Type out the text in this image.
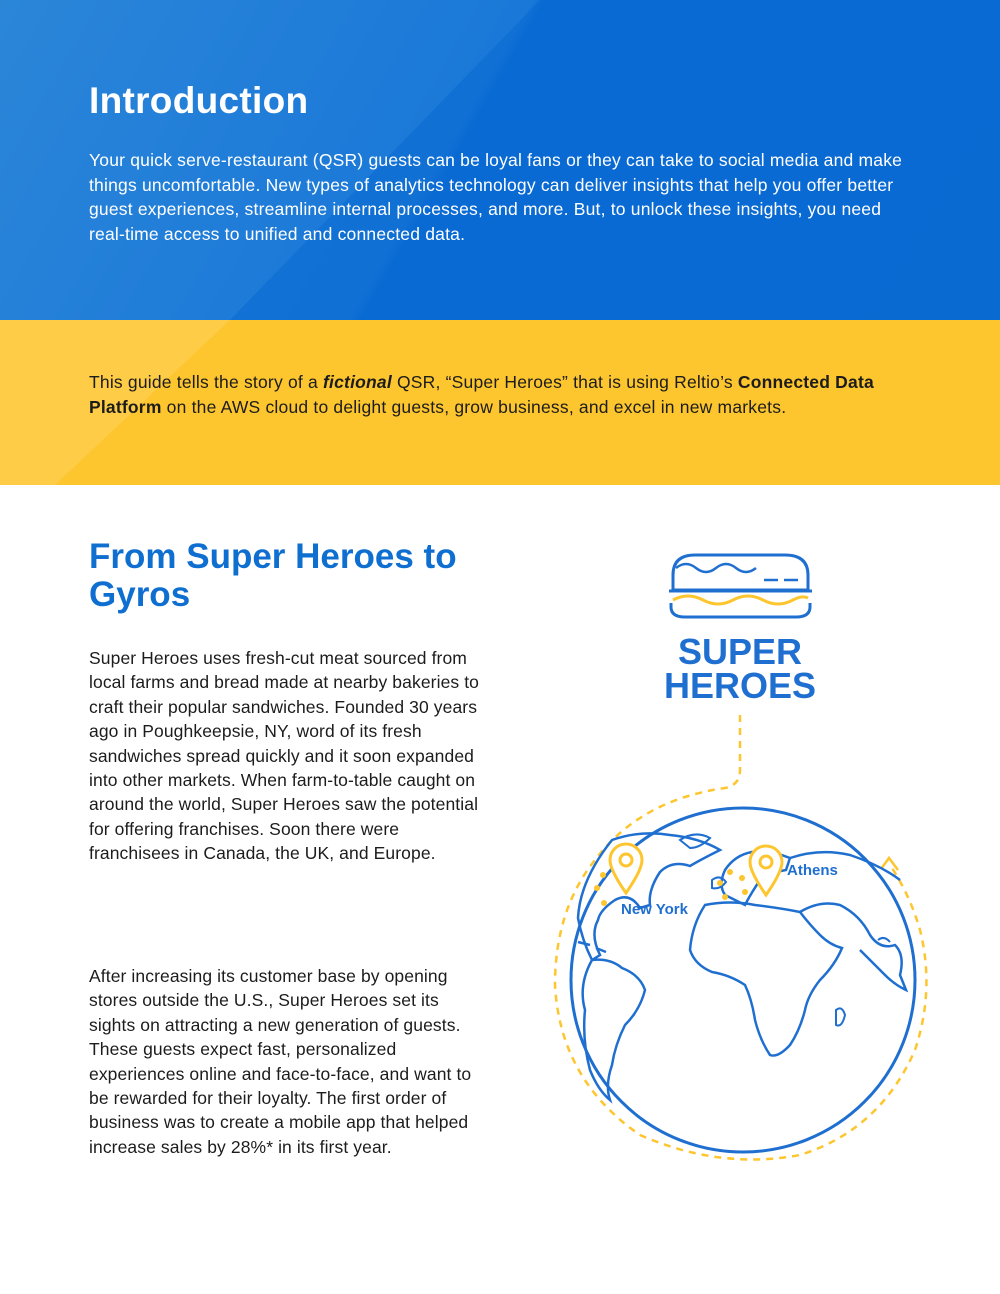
Introduction

Your quick serve-restaurant (QSR) guests can be loyal fans or they can take to social media and make things uncomfortable. New types of analytics technology can deliver insights that help you offer better guest experiences, streamline internal processes, and more. But, to unlock these insights, you need real-time access to unified and connected data.

This guide tells the story of a fictional QSR, “Super Heroes” that is using Reltio’s Connected Data Platform on the AWS cloud to delight guests, grow business, and excel in new markets.

From Super Heroes to Gyros

Super Heroes uses fresh-cut meat sourced from local farms and bread made at nearby bakeries to craft their popular sandwiches. Founded 30 years ago in Poughkeepsie, NY, word of its fresh sandwiches spread quickly and it soon expanded into other markets. When farm-to-table caught on around the world, Super Heroes saw the potential for offering franchises. Soon there were franchisees in Canada, the UK, and Europe.

After increasing its customer base by opening stores outside the U.S., Super Heroes set its sights on attracting a new generation of guests. These guests expect fast, personalized experiences online and face-to-face, and want to be rewarded for their loyalty. The first order of business was to create a mobile app that helped increase sales by 28%* in its first year.

SUPER
HEROES
New York
Athens
